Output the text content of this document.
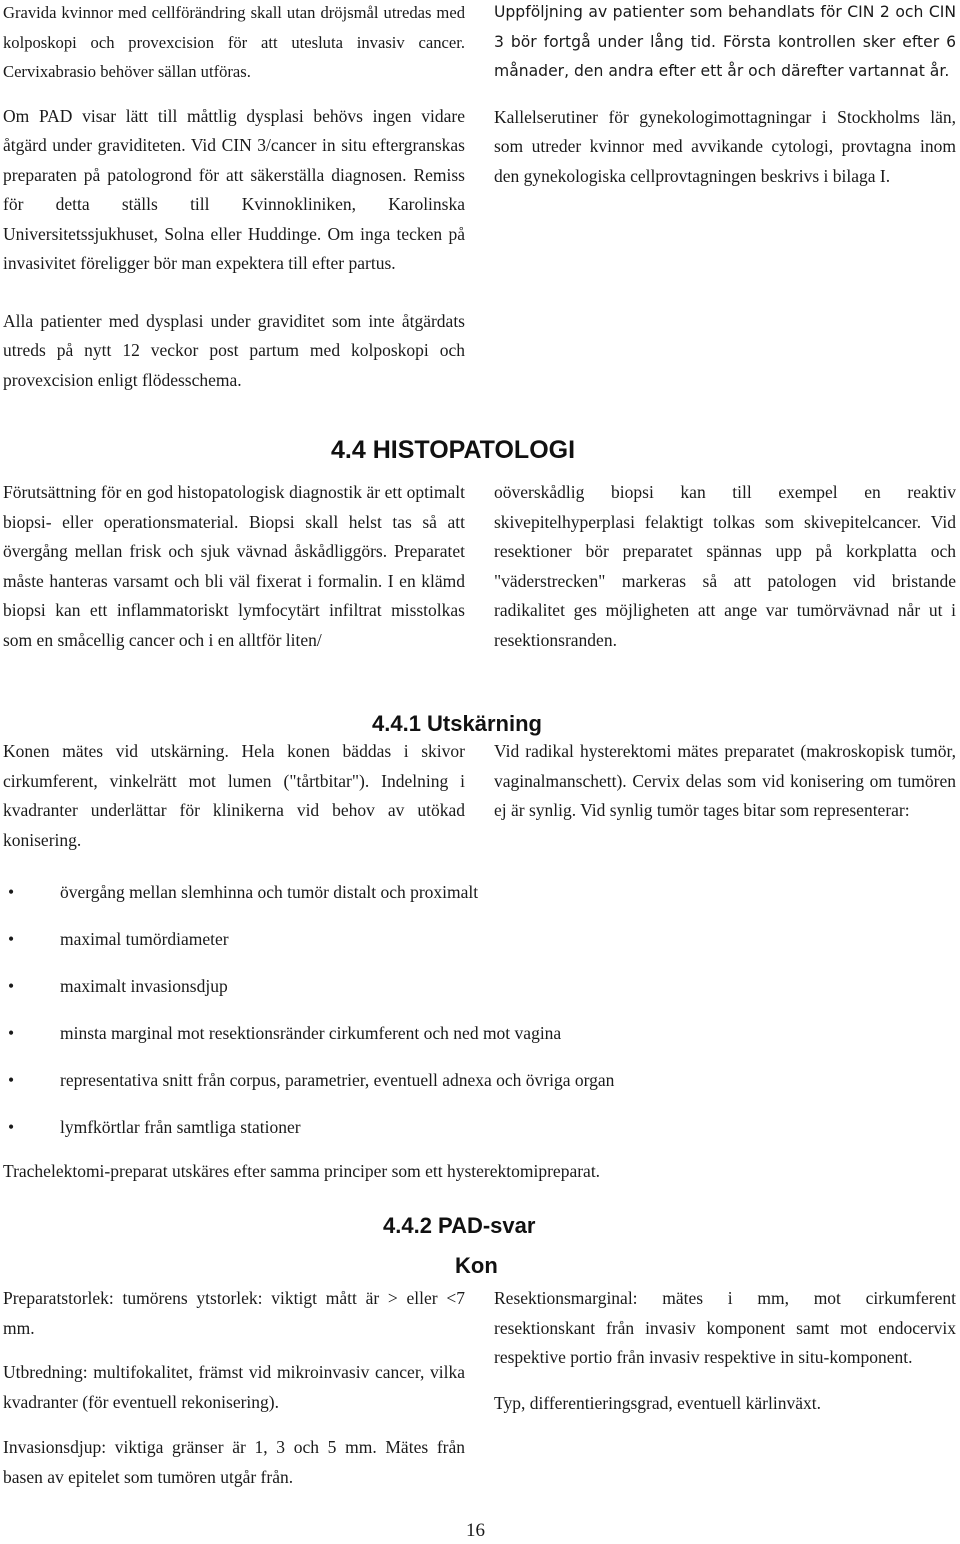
Gravida kvinnor med cellförändring skall utan dröjsmål utredas med kolposkopi och provexcision för att utesluta invasiv cancer. Cervixabrasio behöver sällan utföras.

Om PAD visar lätt till måttlig dysplasi behövs ingen vidare åtgärd under graviditeten. Vid CIN 3/cancer in situ eftergranskas preparaten på patologrond för att säkerställa diagnosen. Remiss för detta ställs till Kvinnokliniken, Karolinska Universitetssjukhuset, Solna eller Huddinge. Om inga tecken på invasivitet föreligger bör man expektera till efter partus.

Alla patienter med dysplasi under graviditet som inte åtgärdats utreds på nytt 12 veckor post partum med kolposkopi och provexcision enligt flödesschema.

Uppföljning av patienter som behandlats för CIN 2 och CIN 3 bör fortgå under lång tid. Första kontrollen sker efter 6 månader, den andra efter ett år och därefter vartannat år.

Kallelserutiner för gynekologimottagningar i Stockholms län, som utreder kvinnor med avvikande cytologi, provtagna inom den gynekologiska cellprovtagningen beskrivs i bilaga I.

4.4 HISTOPATOLOGI

Förutsättning för en god histopatologisk diagnostik är ett optimalt biopsi- eller operationsmaterial. Biopsi skall helst tas så att övergång mellan frisk och sjuk vävnad åskådliggörs. Preparatet måste hanteras varsamt och bli väl fixerat i formalin. I en klämd biopsi kan ett inflammatoriskt lymfocytärt infiltrat misstolkas som en småcellig cancer och i en alltför liten/

oöverskådlig biopsi kan till exempel en reaktiv skivepitelhyperplasi felaktigt tolkas som skivepitelcancer. Vid resektioner bör preparatet spännas upp på korkplatta och "väderstrecken" markeras så att patologen vid bristande radikalitet ges möjligheten att ange var tumörvävnad når ut i resektionsranden.

4.4.1 Utskärning

Konen mätes vid utskärning. Hela konen bäddas i skivor cirkumferent, vinkelrätt mot lumen ("tårtbitar"). Indelning i kvadranter underlättar för klinikerna vid behov av utökad konisering.

Vid radikal hysterektomi mätes preparatet (makroskopisk tumör, vaginalmanschett). Cervix delas som vid konisering om tumören ej är synlig. Vid synlig tumör tages bitar som representerar:

•	övergång mellan slemhinna och tumör distalt och proximalt
•	maximal tumördiameter
•	maximalt invasionsdjup
•	minsta marginal mot resektionsränder cirkumferent och ned mot vagina
•	representativa snitt från corpus, parametrier, eventuell adnexa och övriga organ
•	lymfkörtlar från samtliga stationer

Trachelektomi-preparat utskäres efter samma principer som ett hysterektomipreparat.

4.4.2 PAD-svar
Kon

Preparatstorlek: tumörens ytstorlek: viktigt mått är > eller <7 mm.

Utbredning: multifokalitet, främst vid mikroinvasiv cancer, vilka kvadranter (för eventuell rekonisering).

Invasionsdjup: viktiga gränser är 1, 3 och 5 mm. Mätes från basen av epitelet som tumören utgår från.

Resektionsmarginal: mätes i mm, mot cirkumferent resektionskant från invasiv komponent samt mot endocervix respektive portio från invasiv respektive in situ-komponent.

Typ, differentieringsgrad, eventuell kärlinväxt.

16
